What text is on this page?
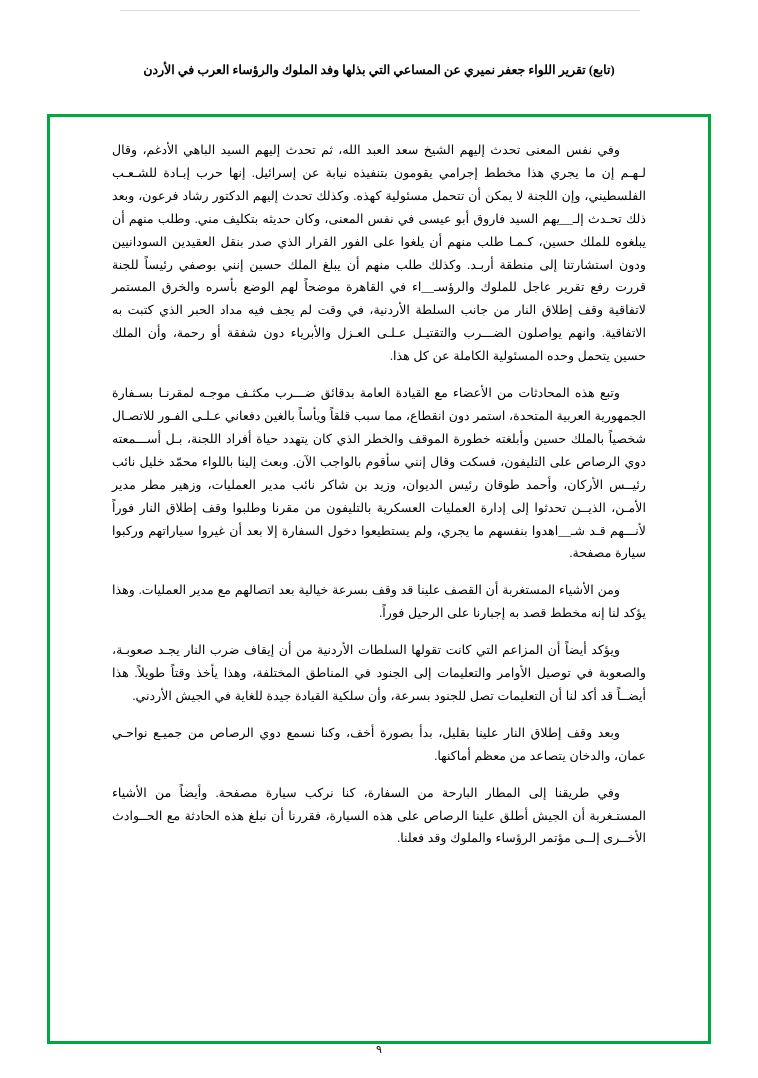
(تابع) تقرير اللواء جعفر نميري عن المساعي التي بذلها وفد الملوك والرؤساء العرب في الأردن

وفي نفس المعنى تحدث إليهم الشيخ سعد العبد الله، ثم تحدث إليهم السيد الباهي الأدغم، وقال لـهـم إن ما يجري هذا مخطط إجرامي يقومون بتنفيذه نيابة عن إسرائيل. إنها حرب إبـادة للشـعـب الفلسطيني، وإن اللجنة لا يمكن أن تتحمل مسئولية كهذه. وكذلك تحدث إليهم الدكتور رشاد فرعون، وبعد ذلك تحـدث إلـ__يهم السيد فاروق أبو عيسى في نفس المعنى، وكان حديثه بتكليف مني. وطلب منهم أن يبلغوه للملك حسين، كـمـا طلب منهم أن يلغوا على الفور القرار الذي صدر بنقل العقيدين السودانيين ودون استشارتنا إلى منطقة أربـد. وكذلك طلب منهم أن يبلغ الملك حسين إنني بوصفي رئيساً للجنة قررت رفع تقرير عاجل للملوك والرؤسـ__اء في القاهرة موضحاً لهم الوضع بأسره والخرق المستمر لاتفاقية وقف إطلاق النار من جانب السلطة الأردنية، في وقت لم يجف فيه مداد الحبر الذي كتبت به الاتفاقية. وانهم يواصلون الضـــرب والتقتيـل عـلـى العـزل والأبرياء دون شفقة أو رحمة، وأن الملك حسين يتحمل وحده المسئولية الكاملة عن كل هذا.

وتبع هذه المحادثات من الأعضاء مع القيادة العامة بدقائق ضـــرب مكثـف موجـه لمقرنـا بسـفارة الجمهورية العربية المتحدة، استمر دون انقطاع، مما سبب قلقاً ويأساً بالغين دفعاني عـلـى الفـور للاتصـال شخصياً بالملك حسين وأبلغته خطورة الموقف والخطر الذي كان يتهدد حياة أفراد اللجنة، بـل أســـمعته دوي الرصاص على التليفون، فسكت وقال إنني سأقوم بالواجب الآن. وبعث إلينا باللواء محمّد خليل نائب رئيــس الأركان، وأحمد طوقان رئيس الديوان، وزيد بن شاكر نائب مدير العمليات، وزهير مطر مدير الأمـن، الذيــن تحدثوا إلى إدارة العمليات العسكرية بالتليفون من مقرنا وطلبوا وقف إطلاق النار فوراً لأنـــهم قـد شـ__اهدوا بنفسهم ما يجري، ولم يستطيعوا دخول السفارة إلا بعد أن غيروا سياراتهم وركبوا سيارة مصفحة.

ومن الأشياء المستغربة أن القصف علينا قد وقف بسرعة خيالية بعد اتصالهم مع مدير العمليات. وهذا يؤكد لنا إنه مخطط قصد به إجبارنا على الرحيل فوراً.

ويؤكد أيضاً أن المزاعم التي كانت تقولها السلطات الأردنية من أن إيقاف ضرب النار يجـد صعوبـة، والصعوبة في توصيل الأوامر والتعليمات إلى الجنود في المناطق المختلفة، وهذا يأخذ وقتاً طويلاً. هذا أيضــاً قد أكد لنا أن التعليمات تصل للجنود بسرعة، وأن سلكية القيادة جيدة للغاية في الجيش الأردني.

وبعد وقف إطلاق النار علينا بقليل، بدأ بصورة أخف، وكنا نسمع دوي الرصاص من جميـع نواحـي عمان، والدخان يتصاعد من معظم أماكنها.

وفي طريقنا إلى المطار البارحة من السفارة، كنا نركب سيارة مصفحة. وأيضاً من الأشياء المستـغربة أن الجيش أطلق علينا الرصاص على هذه السيارة، فقررنا أن نبلغ هذه الحادثة مع الحــوادث الأخــرى إلــى مؤتمر الرؤساء والملوك وقد فعلنا.

٩
